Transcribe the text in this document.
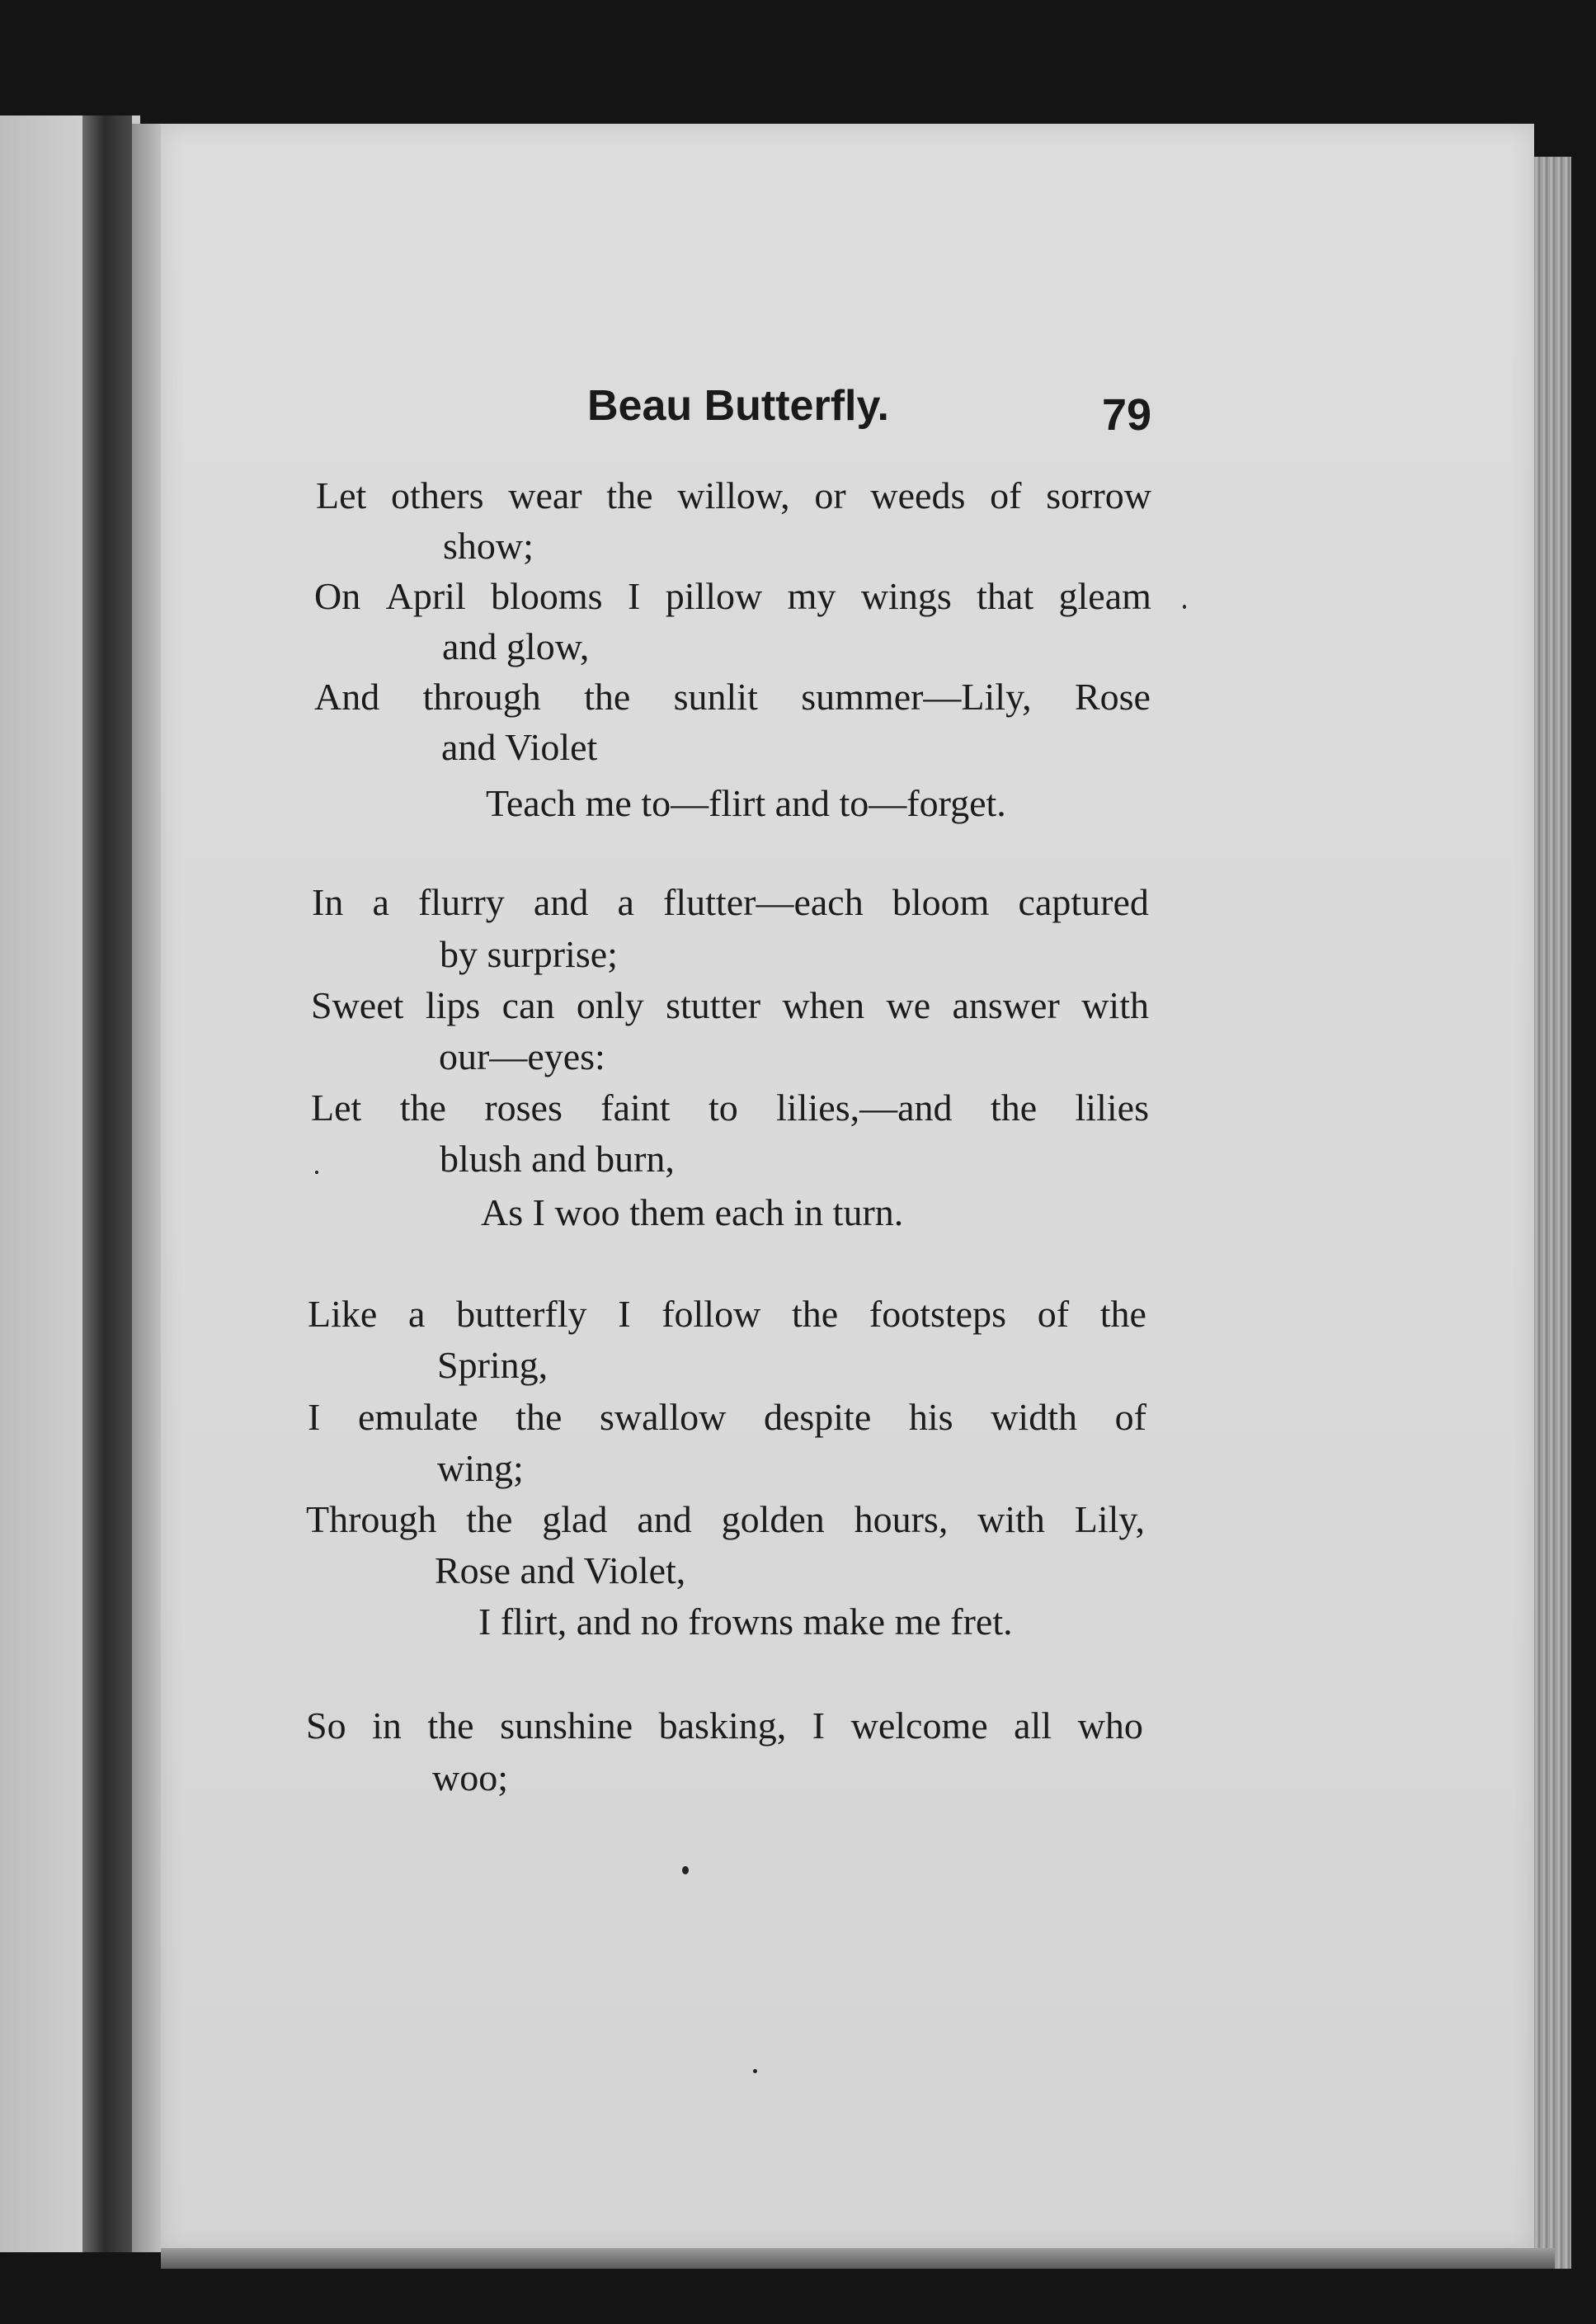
Beau Butterfly.	79
Let others wear the willow, or weeds of sorrow
show;
On April blooms I pillow my wings that gleam
and glow,
And through the sunlit summer—Lily, Rose
and Violet
Teach me to—flirt and to—forget.
In a flurry and a flutter—each bloom captured
by surprise;
Sweet lips can only stutter when we answer with
our—eyes:
Let the roses faint to lilies,—and the lilies
blush and burn,
As I woo them each in turn.
Like a butterfly I follow the footsteps of the
Spring,
I emulate the swallow despite his width of
wing;
Through the glad and golden hours, with Lily,
Rose and Violet,
I flirt, and no frowns make me fret.
So in the sunshine basking, I welcome all who
woo;
